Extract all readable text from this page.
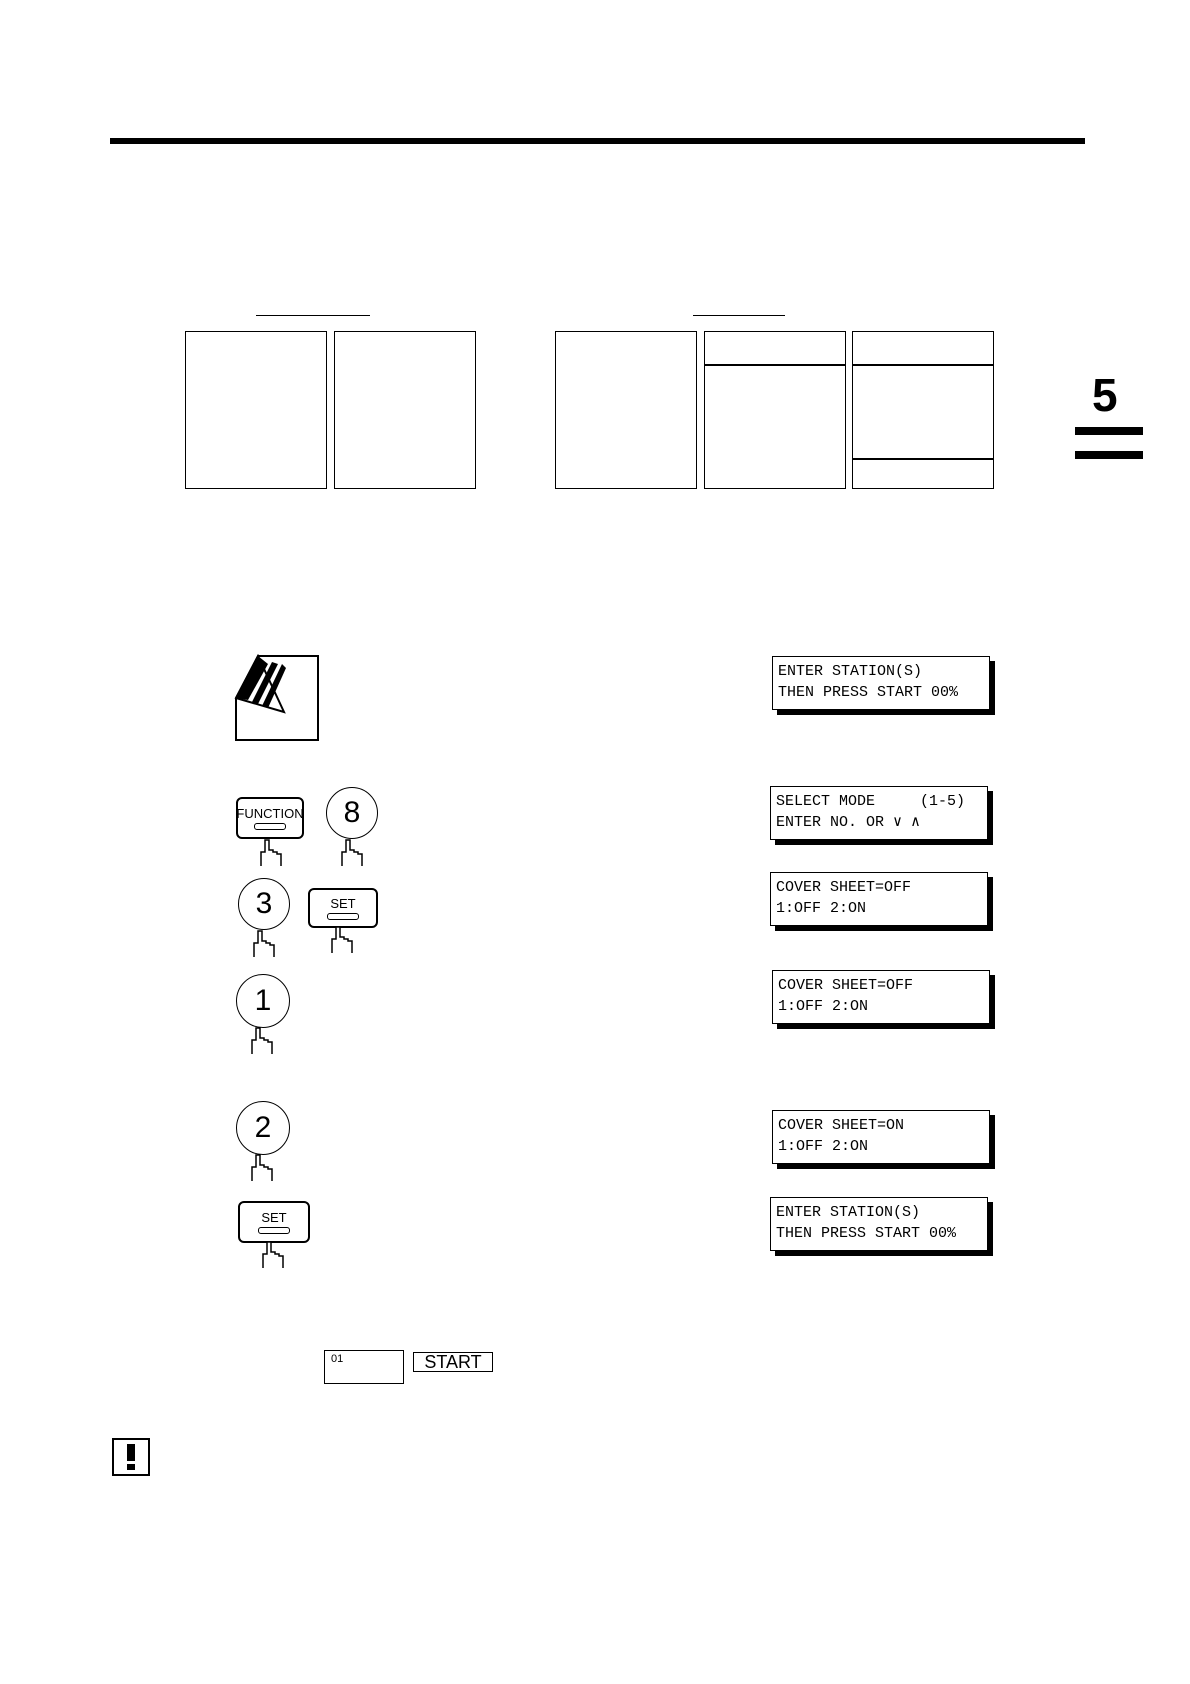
5
ENTER STATION(S)
THEN PRESS START 00%
FUNCTION 8	SELECT MODE     (1-5)
ENTER NO. OR ∨ ∧
3	SET
COVER SHEET=OFF
1:OFF 2:ON
1	COVER SHEET=OFF
1:OFF 2:ON
2	COVER SHEET=ON
1:OFF 2:ON
SET	ENTER STATION(S)
THEN PRESS START 00%
01	START
